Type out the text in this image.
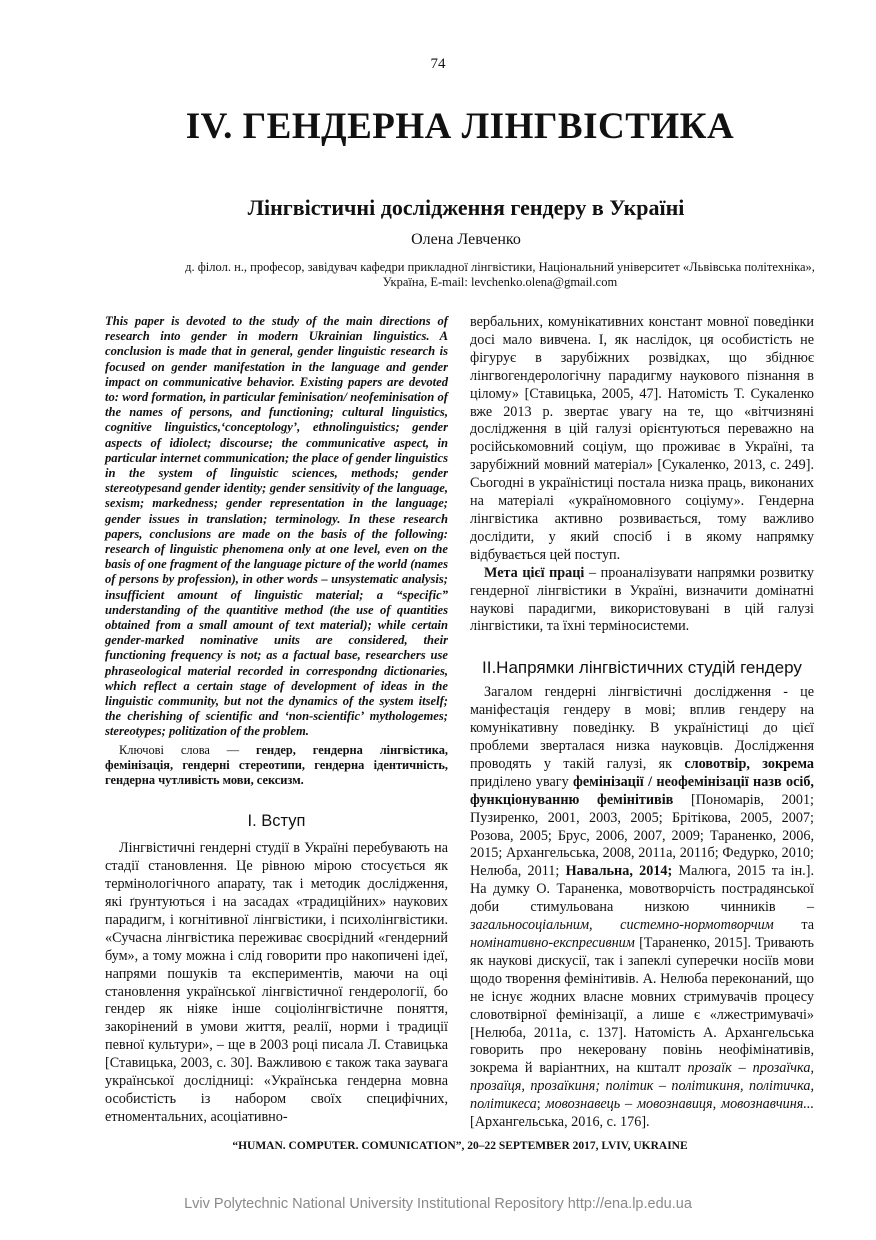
74
IV. ГЕНДЕРНА ЛІНГВІСТИКА
Лінгвістичні дослідження гендеру в Україні
Олена Левченко
д. філол. н., професор, завідувач кафедри прикладної лінгвістики, Національний університет «Львівська політехніка», Україна, E-mail: levchenko.olena@gmail.com

This paper is devoted to the study of the main directions of research into gender in modern Ukrainian linguistics. A conclusion is made that in general, gender linguistic research is focused on gender manifestation in the language and gender impact on communicative behavior. Existing papers are devoted to: word formation, in particular feminisation/ neofeminisation of the names of persons, and functioning; cultural linguistics, cognitive linguistics,‘conceptology’, ethnolinguistics; gender aspects of idiolect; discourse; the communicative aspect, in particular internet communication; the place of gender linguistics in the system of linguistic sciences, methods; gender stereotypesand gender identity; gender sensitivity of the language, sexism; markedness; gender representation in the language; gender issues in translation; terminology. In these research papers, conclusions are made on the basis of the following: research of linguistic phenomena only at one level, even on the basis of one fragment of the language picture of the world (names of persons by profession), in other words – unsystematic analysis; insufficient amount of linguistic material; a “specific” understanding of the quantitive method (the use of quantities obtained from a small amount of text material); while certain gender-marked nominative units are considered, their functioning frequency is not; as a factual base, researchers use phraseological material recorded in correspondng dictionaries, which reflect a certain stage of development of ideas in the linguistic community, but not the dynamics of the system itself; the cherishing of scientific and ‘non-scientific’ mythologemes; stereotypes; politization of the problem.

Ключові слова — гендер, гендерна лінгвістика, фемінізація, гендерні стереотипи, гендерна ідентичність, гендерна чутливість мови, сексизм.

I. Вступ

Лінгвістичні гендерні студії в Україні перебувають на стадії становлення. Це рівною мірою стосується як термінологічного апарату, так і методик дослідження, які ґрунтуються і на засадах «традиційних» наукових парадигм, і когнітивної лінгвістики, і психолінгвістики. «Сучасна лінгвістика переживає своєрідний «гендерний бум», а тому можна і слід говорити про накопичені ідеї, напрями пошуків та експериментів, маючи на оці становлення української лінгвістичної гендерології, бо гендер як ніяке інше соціолінгвістичне поняття, закорінений в умови життя, реалії, норми і традиції певної культури», – ще в 2003 році писала Л. Ставицька [Ставицька, 2003, с. 30]. Важливою є також така заувага української дослідниці: «Українська гендерна мовна особистість із набором своїх специфічних, етноментальних, асоціативно-

вербальних, комунікативних констант мовної поведінки досі мало вивчена. І, як наслідок, ця особистість не фігурує в зарубіжних розвідках, що збіднює лінгвогендерологічну парадигму наукового пізнання в цілому» [Ставицька, 2005, 47]. Натомість Т. Сукаленко вже 2013 р. звертає увагу на те, що «вітчизняні дослідження в цій галузі орієнтуються переважно на російськомовний соціум, що проживає в Україні, та зарубіжний мовний матеріал» [Сукаленко, 2013, с. 249]. Сьогодні в україністиці постала низка праць, виконаних на матеріалі «україномовного соціуму». Гендерна лінгвістика активно розвивається, тому важливо дослідити, у який спосіб і в якому напрямку відбувається цей поступ.

Мета цієї праці – проаналізувати напрямки розвитку гендерної лінгвістики в Україні, визначити домінатні наукові парадигми, використовувані в цій галузі лінгвістики, та їхні терміносистеми.

II.Напрямки лінгвістичних студій гендеру

Загалом гендерні лінгвістичні дослідження - це маніфестація гендеру в мові; вплив гендеру на комунікативну поведінку. В україністиці до цієї проблеми зверталася низка науковців. Дослідження проводять у такій галузі, як словотвір, зокрема приділено увагу фемінізації / неофемінізації назв осіб, функціонуванню фемінітивів [Пономарів, 2001; Пузиренко, 2001, 2003, 2005; Брітікова, 2005, 2007; Розова, 2005; Брус, 2006, 2007, 2009; Тараненко, 2006, 2015; Архангельська, 2008, 2011а, 2011б; Федурко, 2010; Нелюба, 2011; Навальна, 2014; Малюга, 2015 та ін.]. На думку О. Тараненка, мовотворчість пострадянської доби стимульована низкою чинників – загальносоціальним, системно-нормотворчим та номінативно-експресивним [Тараненко, 2015]. Тривають як наукові дискусії, так і запеклі суперечки носіїв мови щодо творення фемінітивів. А. Нелюба переконаний, що не існує жодних власне мовних стримувачів процесу словотвірної фемінізації, а лише є «лжестримувачі» [Нелюба, 2011а, с. 137]. Натомість А. Архангельська говорить про некеровану повінь неофімінативів, зокрема й варіантних, на кшталт прозаїк – прозаїчка, прозаїця, прозаїкиня; політик – політикиня, політичка, політикеса; мовознавець – мовознавиця, мовознавчиня... [Архангельська, 2016, с. 176].

“HUMAN. COMPUTER. COMUNICATION”, 20–22 SEPTEMBER 2017, LVIV, UKRAINE
Lviv Polytechnic National University Institutional Repository http://ena.lp.edu.ua
